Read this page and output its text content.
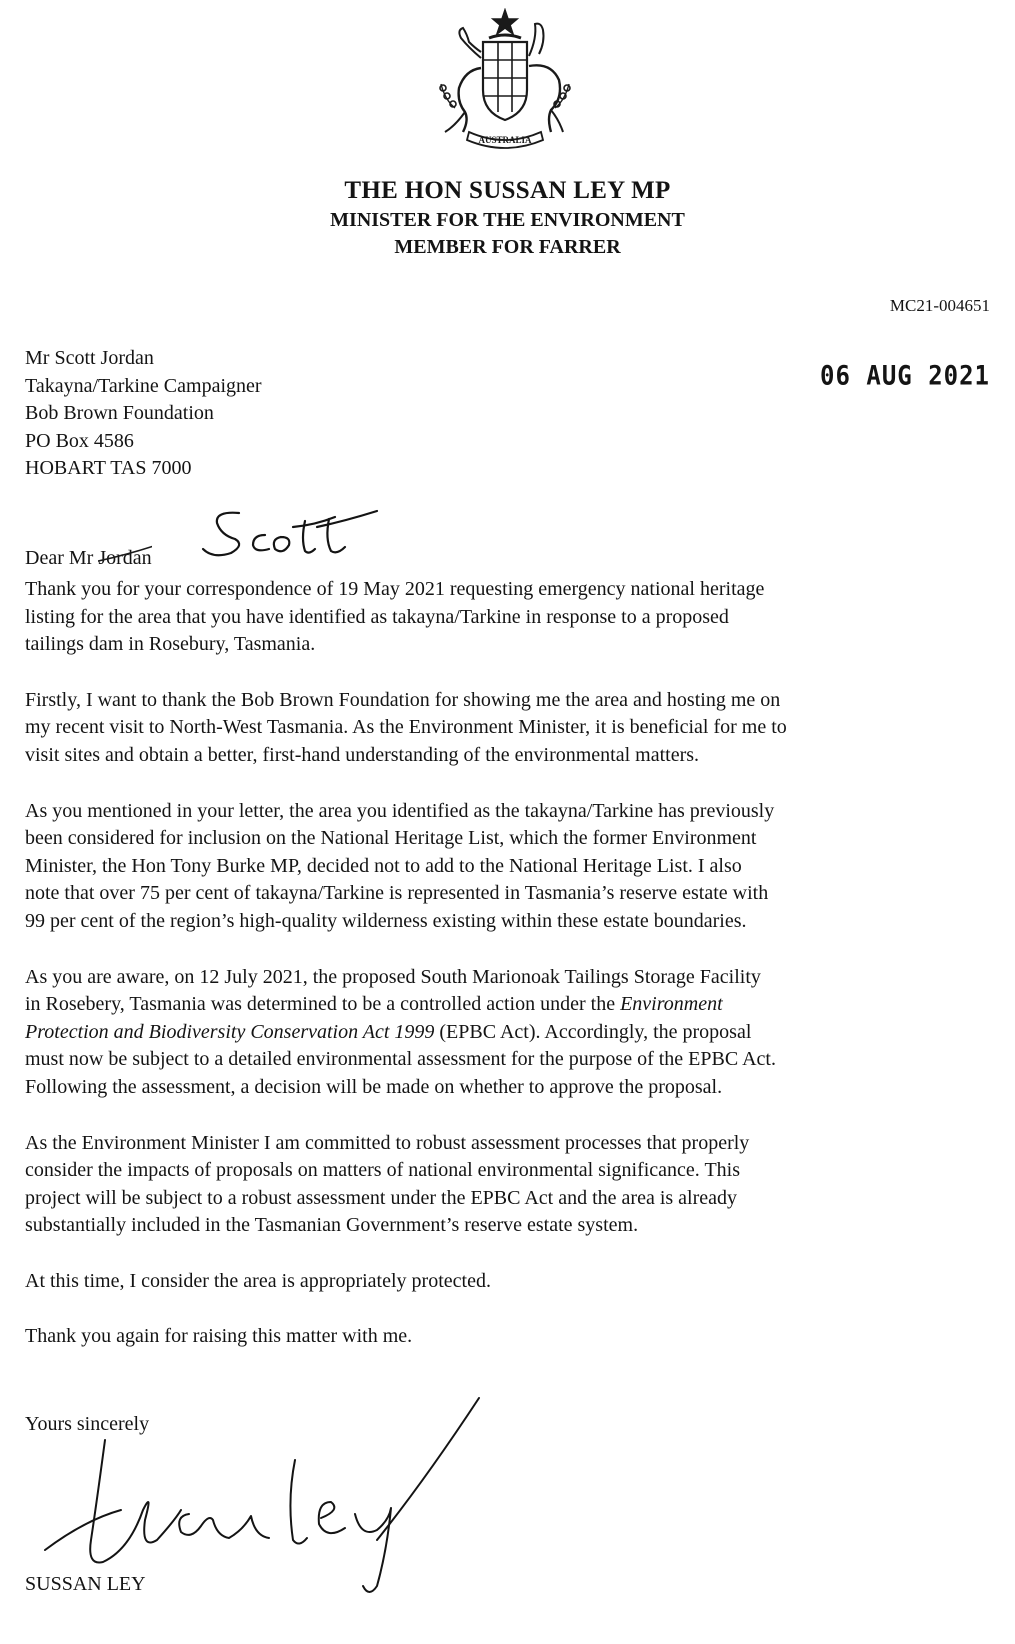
AUSTRALIA
THE HON SUSSAN LEY MP
MINISTER FOR THE ENVIRONMENT
MEMBER FOR FARRER
MC21-004651
06 AUG 2021
Mr Scott Jordan
Takayna/Tarkine Campaigner
Bob Brown Foundation
PO Box 4586
HOBART TAS 7000
Dear Mr Jordan

Thank you for your correspondence of 19 May 2021 requesting emergency national heritage
listing for the area that you have identified as takayna/Tarkine in response to a proposed
tailings dam in Rosebury, Tasmania.

Firstly, I want to thank the Bob Brown Foundation for showing me the area and hosting me on
my recent visit to North-West Tasmania. As the Environment Minister, it is beneficial for me to
visit sites and obtain a better, first-hand understanding of the environmental matters.

As you mentioned in your letter, the area you identified as the takayna/Tarkine has previously
been considered for inclusion on the National Heritage List, which the former Environment
Minister, the Hon Tony Burke MP, decided not to add to the National Heritage List. I also
note that over 75 per cent of takayna/Tarkine is represented in Tasmania’s reserve estate with
99 per cent of the region’s high-quality wilderness existing within these estate boundaries.

As you are aware, on 12 July 2021, the proposed South Marionoak Tailings Storage Facility
in Rosebery, Tasmania was determined to be a controlled action under the Environment
Protection and Biodiversity Conservation Act 1999 (EPBC Act). Accordingly, the proposal
must now be subject to a detailed environmental assessment for the purpose of the EPBC Act.
Following the assessment, a decision will be made on whether to approve the proposal.

As the Environment Minister I am committed to robust assessment processes that properly
consider the impacts of proposals on matters of national environmental significance. This
project will be subject to a robust assessment under the EPBC Act and the area is already
substantially included in the Tasmanian Government’s reserve estate system.

At this time, I consider the area is appropriately protected.

Thank you again for raising this matter with me.

Yours sincerely
SUSSAN LEY
